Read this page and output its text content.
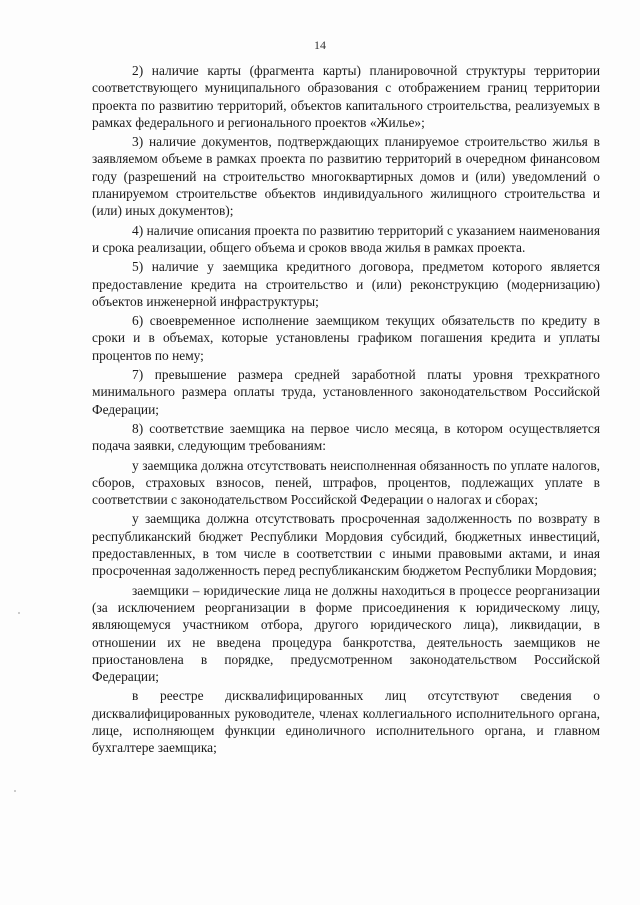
14

2) наличие карты (фрагмента карты) планировочной структуры территории соответствующего муниципального образования с отображением границ территории проекта по развитию территорий, объектов капитального строительства, реализуемых в рамках федерального и регионального проектов «Жилье»;

3) наличие документов, подтверждающих планируемое строительство жилья в заявляемом объеме в рамках проекта по развитию территорий в очередном финансовом году (разрешений на строительство многоквартирных домов и (или) уведомлений о планируемом строительстве объектов индивидуального жилищного строительства и (или) иных документов);

4) наличие описания проекта по развитию территорий с указанием наименования и срока реализации, общего объема и сроков ввода жилья в рамках проекта.

5) наличие у заемщика кредитного договора, предметом которого является предоставление кредита на строительство и (или) реконструкцию (модернизацию) объектов инженерной инфраструктуры;

6) своевременное исполнение заемщиком текущих обязательств по кредиту в сроки и в объемах, которые установлены графиком погашения кредита и уплаты процентов по нему;

7) превышение размера средней заработной платы уровня трехкратного минимального размера оплаты труда, установленного законодательством Российской Федерации;

8) соответствие заемщика на первое число месяца, в котором осуществляется подача заявки, следующим требованиям:

у заемщика должна отсутствовать неисполненная обязанность по уплате налогов, сборов, страховых взносов, пеней, штрафов, процентов, подлежащих уплате в соответствии с законодательством Российской Федерации о налогах и сборах;

у заемщика должна отсутствовать просроченная задолженность по возврату в республиканский бюджет Республики Мордовия субсидий, бюджетных инвестиций, предоставленных, в том числе в соответствии с иными правовыми актами, и иная просроченная задолженность перед республиканским бюджетом Республики Мордовия;

заемщики – юридические лица не должны находиться в процессе реорганизации (за исключением реорганизации в форме присоединения к юридическому лицу, являющемуся участником отбора, другого юридического лица), ликвидации, в отношении их не введена процедура банкротства, деятельность заемщиков не приостановлена в порядке, предусмотренном законодательством Российской Федерации;

в реестре дисквалифицированных лиц отсутствуют сведения о дисквалифицированных руководителе, членах коллегиального исполнительного органа, лице, исполняющем функции единоличного исполнительного органа, и главном бухгалтере заемщика;
